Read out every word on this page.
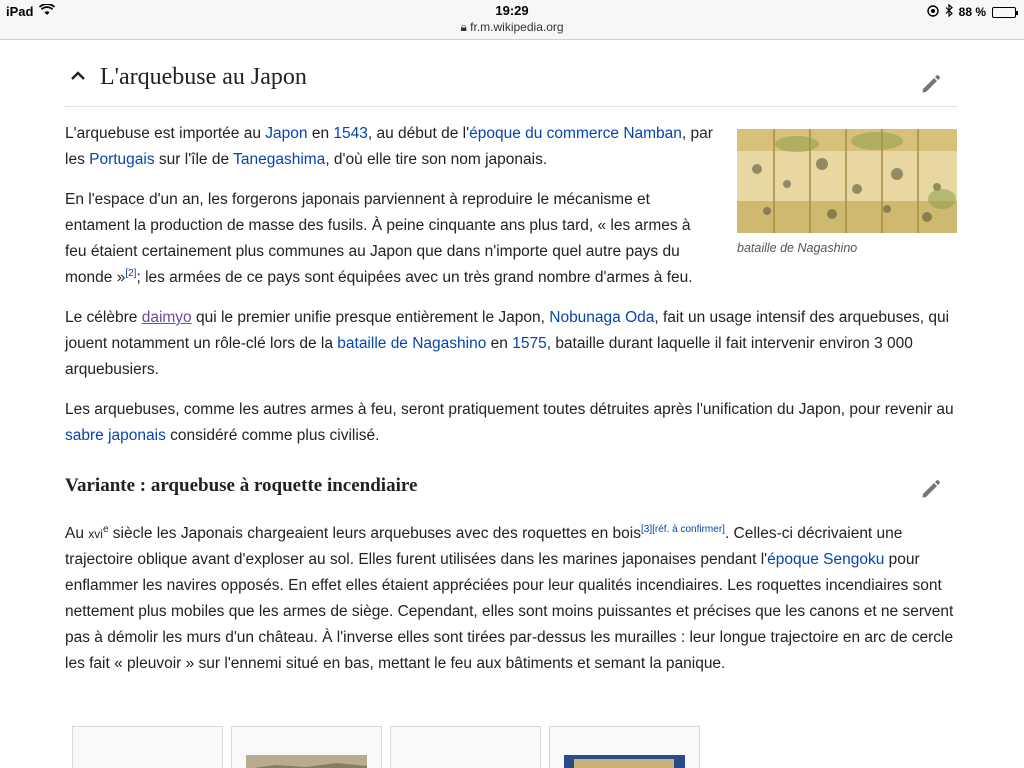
iPad	19:29
🔒︎ fr.m.wikipedia.org
88 %
L'arquebuse au Japon
bataille de Nagashino

L'arquebuse est importée au Japon en 1543, au début de l'époque du commerce Namban, par les Portugais sur l'île de Tanegashima, d'où elle tire son nom japonais.

En l'espace d'un an, les forgerons japonais parviennent à reproduire le mécanisme et entament la production de masse des fusils. À peine cinquante ans plus tard, « les armes à feu étaient certainement plus communes au Japon que dans n'importe quel autre pays du monde »[2]; les armées de ce pays sont équipées avec un très grand nombre d'armes à feu.

Le célèbre daimyo qui le premier unifie presque entièrement le Japon, Nobunaga Oda, fait un usage intensif des arquebuses, qui jouent notamment un rôle-clé lors de la bataille de Nagashino en 1575, bataille durant laquelle il fait intervenir environ 3 000 arquebusiers.

Les arquebuses, comme les autres armes à feu, seront pratiquement toutes détruites après l'unification du Japon, pour revenir au sabre japonais considéré comme plus civilisé.

Variante : arquebuse à roquette incendiaire

Au xvi$^e$ siècle les Japonais chargeaient leurs arquebuses avec des roquettes en bois[3][réf. à confirmer]. Celles-ci décrivaient une trajectoire oblique avant d'exploser au sol. Elles furent utilisées dans les marines japonaises pendant l'époque Sengoku pour enflammer les navires opposés. En effet elles étaient appréciées pour leur qualités incendiaires. Les roquettes incendiaires sont nettement plus mobiles que les armes de siège. Cependant, elles sont moins puissantes et précises que les canons et ne servent pas à démolir les murs d'un château. À l'inverse elles sont tirées par-dessus les murailles : leur longue trajectoire en arc de cercle les fait « pleuvoir » sur l'ennemi situé en bas, mettant le feu aux bâtiments et semant la panique.
